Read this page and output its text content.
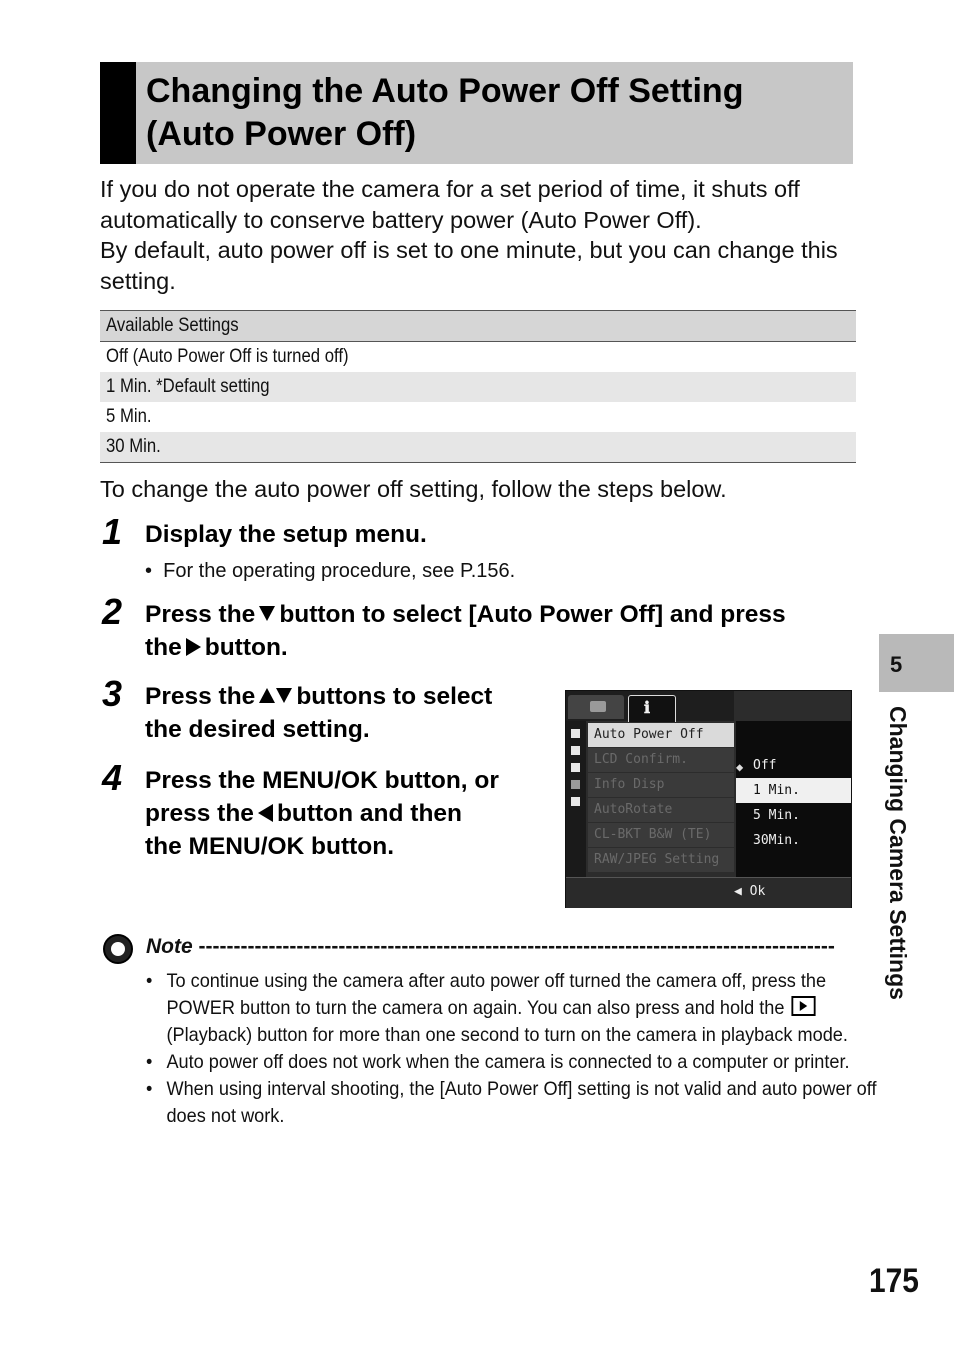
Changing the Auto Power Off Setting
(Auto Power Off)

If you do not operate the camera for a set period of time, it shuts off automatically to conserve battery power (Auto Power Off).

By default, auto power off is set to one minute, but you can change this setting.

Available Settings
Off (Auto Power Off is turned off)
1 Min. *Default setting
5 Min.
30 Min.
To change the auto power off setting, follow the steps below.
1 Display the setup menu.
•  For the operating procedure, see P.156.
2 Press the button to select [Auto Power Off] and press
the button.
3 Press the buttons to select
the desired setting.
4 Press the MENU/OK button, or
press the button and then
the MENU/OK button.
ℹ
Auto Power Off
LCD Confirm.
Info Disp
AutoRotate
CL-BKT B&W (TE)
RAW/JPEG Setting
◆ Off
1 Min.
5 Min.
30Min.
◀ Ok
Note -------------------------------------------------------------------------------------------
• To continue using the camera after auto power off turned the camera off, press the POWER button to turn the camera on again. You can also press and hold the  (Playback) button for more than one second to turn on the camera in playback mode.
• Auto power off does not work when the camera is connected to a computer or printer.
• When using interval shooting, the [Auto Power Off] setting is not valid and auto power off does not work.
5
Changing Camera Settings
175
